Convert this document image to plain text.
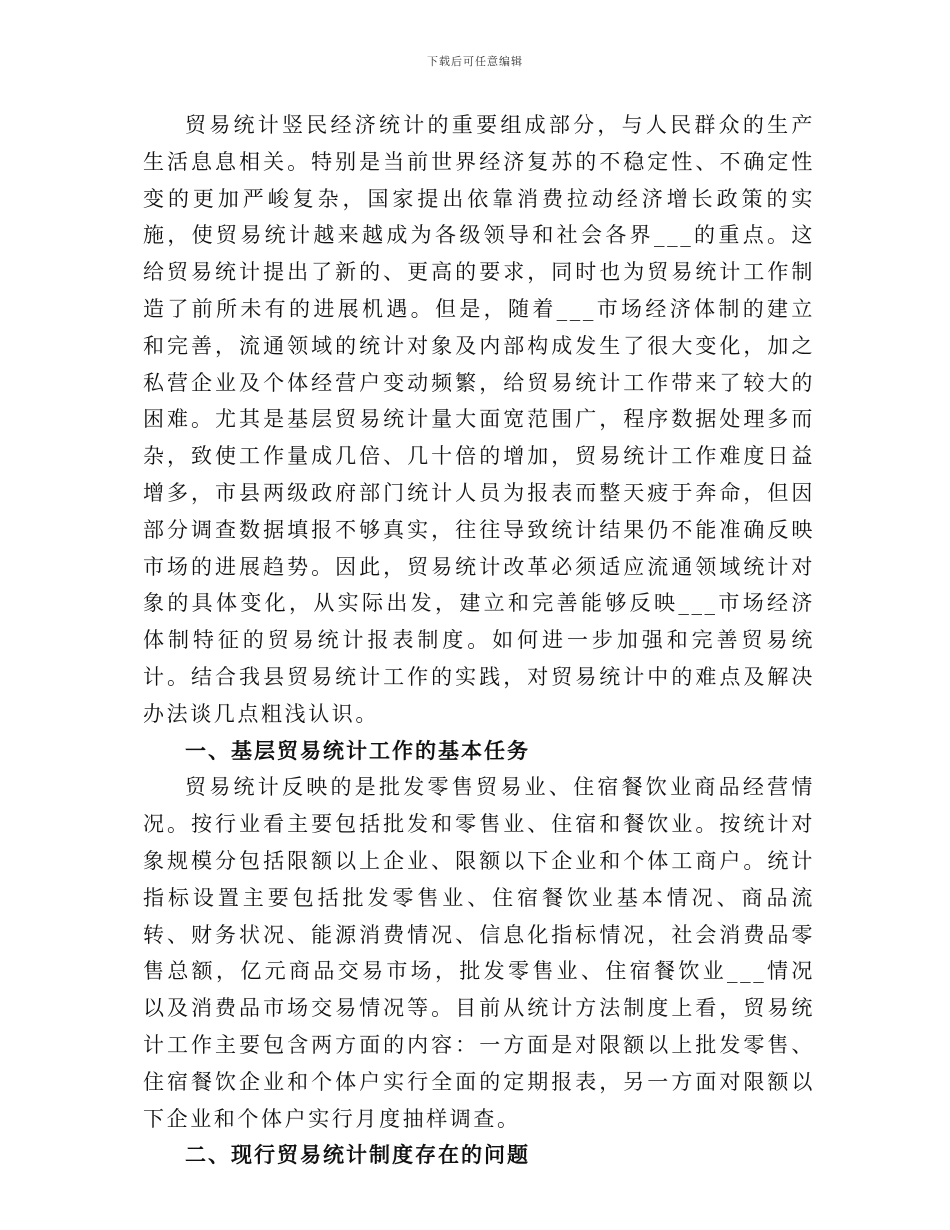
下载后可任意编辑

贸易统计竖民经济统计的重要组成部分，与人民群众的生产生活息息相关。特别是当前世界经济复苏的不稳定性、不确定性变的更加严峻复杂，国家提出依靠消费拉动经济增长政策的实施，使贸易统计越来越成为各级领导和社会各界___的重点。这给贸易统计提出了新的、更高的要求，同时也为贸易统计工作制造了前所未有的进展机遇。但是，随着___市场经济体制的建立和完善，流通领域的统计对象及内部构成发生了很大变化，加之私营企业及个体经营户变动频繁，给贸易统计工作带来了较大的困难。尤其是基层贸易统计量大面宽范围广，程序数据处理多而杂，致使工作量成几倍、几十倍的增加，贸易统计工作难度日益增多，市县两级政府部门统计人员为报表而整天疲于奔命，但因部分调查数据填报不够真实，往往导致统计结果仍不能准确反映市场的进展趋势。因此，贸易统计改革必须适应流通领域统计对象的具体变化，从实际出发，建立和完善能够反映___市场经济体制特征的贸易统计报表制度。如何进一步加强和完善贸易统计。结合我县贸易统计工作的实践，对贸易统计中的难点及解决办法谈几点粗浅认识。

一、基层贸易统计工作的基本任务

贸易统计反映的是批发零售贸易业、住宿餐饮业商品经营情况。按行业看主要包括批发和零售业、住宿和餐饮业。按统计对象规模分包括限额以上企业、限额以下企业和个体工商户。统计指标设置主要包括批发零售业、住宿餐饮业基本情况、商品流转、财务状况、能源消费情况、信息化指标情况，社会消费品零售总额，亿元商品交易市场，批发零售业、住宿餐饮业___情况以及消费品市场交易情况等。目前从统计方法制度上看，贸易统计工作主要包含两方面的内容：一方面是对限额以上批发零售、住宿餐饮企业和个体户实行全面的定期报表，另一方面对限额以下企业和个体户实行月度抽样调查。

二、现行贸易统计制度存在的问题
